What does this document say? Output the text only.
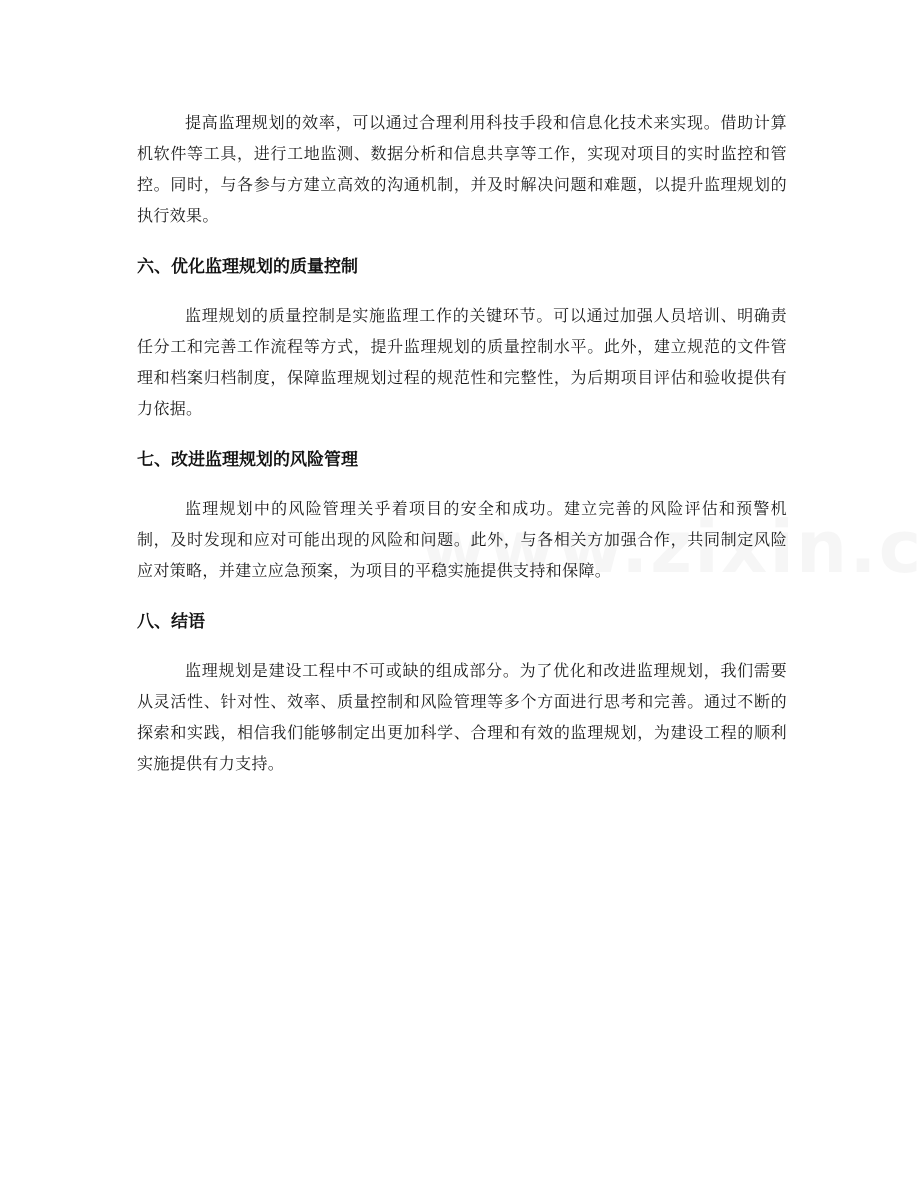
提高监理规划的效率，可以通过合理利用科技手段和信息化技术来实现。借助计算机软件等工具，进行工地监测、数据分析和信息共享等工作，实现对项目的实时监控和管控。同时，与各参与方建立高效的沟通机制，并及时解决问题和难题，以提升监理规划的执行效果。

六、优化监理规划的质量控制

监理规划的质量控制是实施监理工作的关键环节。可以通过加强人员培训、明确责任分工和完善工作流程等方式，提升监理规划的质量控制水平。此外，建立规范的文件管理和档案归档制度，保障监理规划过程的规范性和完整性，为后期项目评估和验收提供有力依据。

七、改进监理规划的风险管理

监理规划中的风险管理关乎着项目的安全和成功。建立完善的风险评估和预警机制，及时发现和应对可能出现的风险和问题。此外，与各相关方加强合作，共同制定风险应对策略，并建立应急预案，为项目的平稳实施提供支持和保障。

八、结语

监理规划是建设工程中不可或缺的组成部分。为了优化和改进监理规划，我们需要从灵活性、针对性、效率、质量控制和风险管理等多个方面进行思考和完善。通过不断的探索和实践，相信我们能够制定出更加科学、合理和有效的监理规划，为建设工程的顺利实施提供有力支持。
